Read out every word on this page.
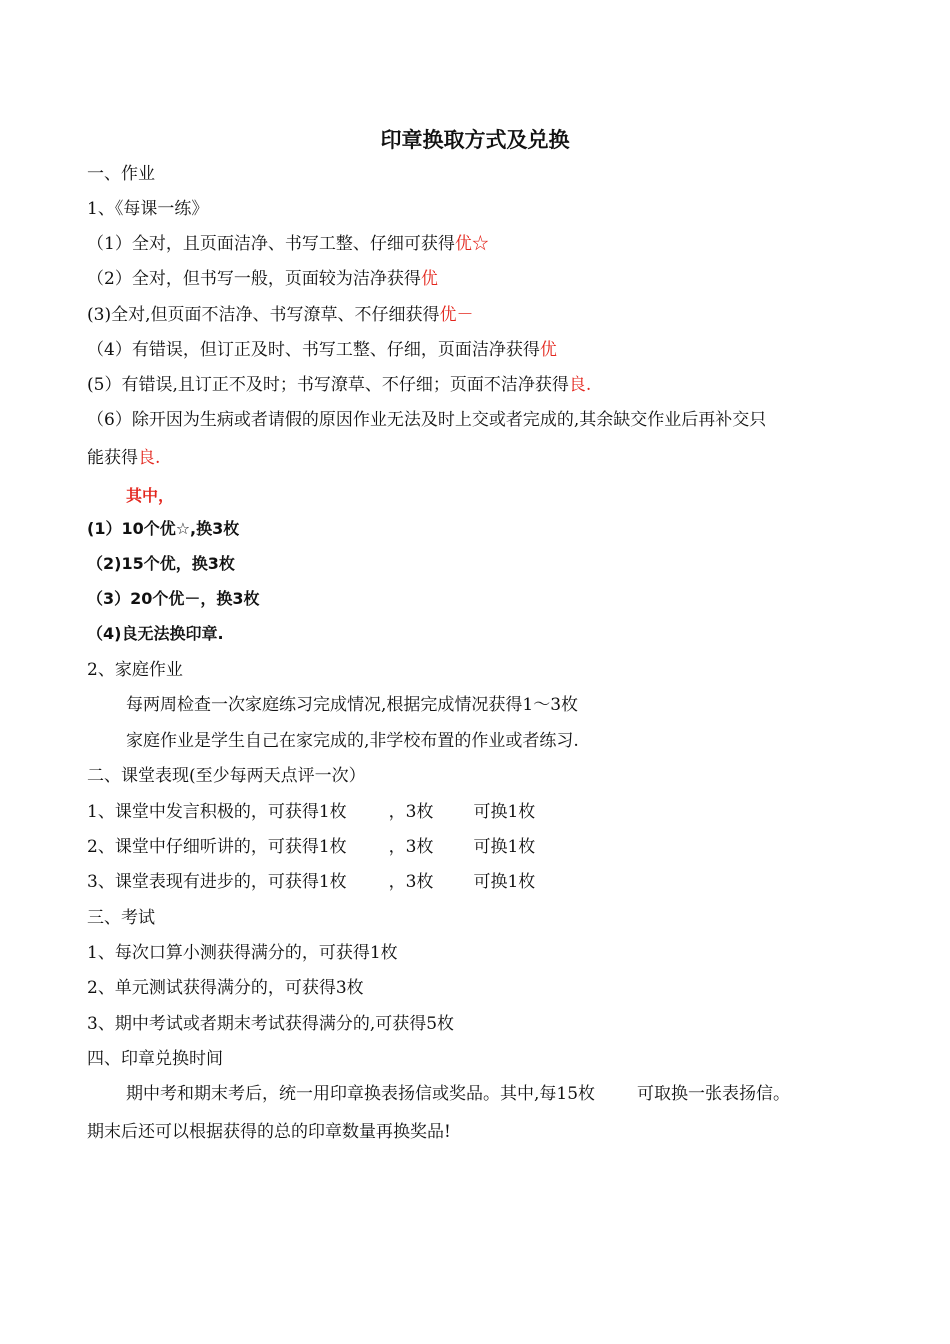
印章换取方式及兑换
一、作业
1、《每课一练》
（1）全对，且页面洁净、书写工整、仔细可获得优☆
（2）全对，但书写一般，页面较为洁净获得优
(3)全对,但页面不洁净、书写潦草、不仔细获得优－
（4）有错误，但订正及时、书写工整、仔细，页面洁净获得优
(5）有错误,且订正不及时；书写潦草、不仔细；页面不洁净获得良.
（6）除开因为生病或者请假的原因作业无法及时上交或者完成的,其余缺交作业后再补交只
能获得良.
其中，
(1）10个优☆,换3枚
（2)15个优，换3枚
（3）20个优－，换3枚
（4)良无法换印章.
2、家庭作业
每两周检查一次家庭练习完成情况,根据完成情况获得1～3枚
家庭作业是学生自己在家完成的,非学校布置的作业或者练习.
二、课堂表现(至少每两天点评一次）
1、课堂中发言积极的，可获得1枚 ，3枚 可换1枚
2、课堂中仔细听讲的，可获得1枚 ，3枚 可换1枚
3、课堂表现有进步的，可获得1枚 ，3枚 可换1枚
三、考试
1、每次口算小测获得满分的，可获得1枚
2、单元测试获得满分的，可获得3枚
3、期中考试或者期末考试获得满分的,可获得5枚
四、印章兑换时间
期中考和期末考后，统一用印章换表扬信或奖品。其中,每15枚 可取换一张表扬信。
期末后还可以根据获得的总的印章数量再换奖品!
